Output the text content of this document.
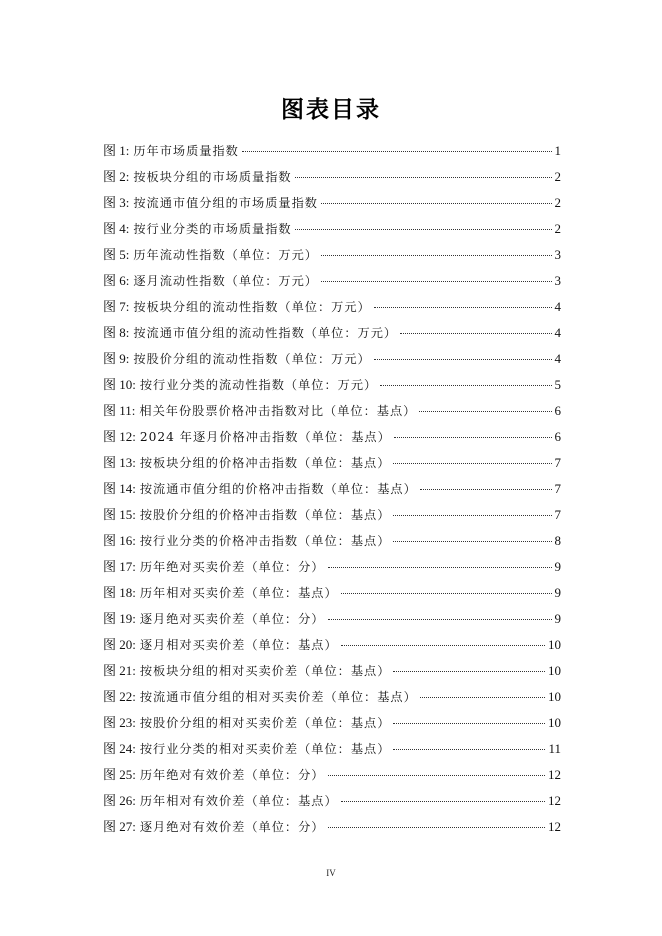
图表目录
图 1: 历年市场质量指数	1
图 2: 按板块分组的市场质量指数	2
图 3: 按流通市值分组的市场质量指数	2
图 4: 按行业分类的市场质量指数	2
图 5: 历年流动性指数（单位：万元）	3
图 6: 逐月流动性指数（单位：万元）	3
图 7: 按板块分组的流动性指数（单位：万元）	4
图 8: 按流通市值分组的流动性指数（单位：万元）	4
图 9: 按股价分组的流动性指数（单位：万元）	4
图 10: 按行业分类的流动性指数（单位：万元）	5
图 11: 相关年份股票价格冲击指数对比（单位：基点）	6
图 12: 2024 年逐月价格冲击指数（单位：基点）	6
图 13: 按板块分组的价格冲击指数（单位：基点）	7
图 14: 按流通市值分组的价格冲击指数（单位：基点）	7
图 15: 按股价分组的价格冲击指数（单位：基点）	7
图 16: 按行业分类的价格冲击指数（单位：基点）	8
图 17: 历年绝对买卖价差（单位：分）	9
图 18: 历年相对买卖价差（单位：基点）	9
图 19: 逐月绝对买卖价差（单位：分）	9
图 20: 逐月相对买卖价差（单位：基点）	10
图 21: 按板块分组的相对买卖价差（单位：基点）	10
图 22: 按流通市值分组的相对买卖价差（单位：基点）	10
图 23: 按股价分组的相对买卖价差（单位：基点）	10
图 24: 按行业分类的相对买卖价差（单位：基点）	11
图 25: 历年绝对有效价差（单位：分）	12
图 26: 历年相对有效价差（单位：基点）	12
图 27: 逐月绝对有效价差（单位：分）	12
IV
